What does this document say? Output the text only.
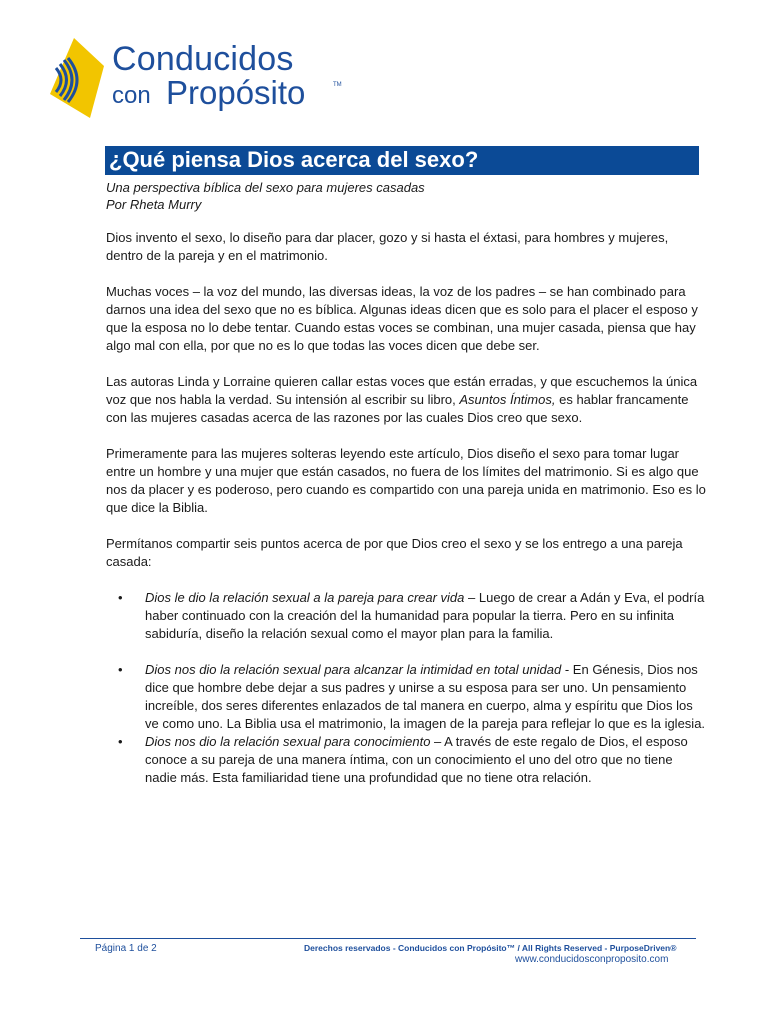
Conducidos
con Propósito	TM
¿Qué piensa Dios acerca del sexo?
Una perspectiva bíblica del sexo para mujeres casadas
Por Rheta Murry

Dios invento el sexo, lo diseño para dar placer, gozo y si hasta el éxtasi, para hombres y mujeres, dentro de la pareja y en el matrimonio.

Muchas voces – la voz del mundo, las diversas ideas, la voz de los padres – se han combinado para darnos una idea del sexo que no es bíblica. Algunas ideas dicen que es solo para el placer el esposo y que la esposa no lo debe tentar. Cuando estas voces se combinan, una mujer casada, piensa que hay algo mal con ella, por que no es lo que todas las voces dicen que debe ser.

Las autoras Linda y Lorraine quieren callar estas voces que están erradas, y que escuchemos la única voz que nos habla la verdad. Su intensión al escribir su libro, Asuntos Íntimos, es hablar francamente con las mujeres casadas acerca de las razones por las cuales Dios creo que sexo.

Primeramente para las mujeres solteras leyendo este artículo, Dios diseño el sexo para tomar lugar entre un hombre y una mujer que están casados, no fuera de los límites del matrimonio. Si es algo que nos da placer y es poderoso, pero cuando es compartido con una pareja unida en matrimonio. Eso es lo que dice la Biblia.

Permítanos compartir seis puntos acerca de por que Dios creo el sexo y se los entrego a una pareja casada:

• Dios le dio la relación sexual a la pareja para crear vida – Luego de crear a Adán y Eva, el podría haber continuado con la creación del la humanidad para popular la tierra. Pero en su infinita sabiduría, diseño la relación sexual como el mayor plan para la familia.
• Dios nos dio la relación sexual para alcanzar la intimidad en total unidad - En Génesis, Dios nos dice que hombre debe dejar a sus padres y unirse a su esposa para ser uno. Un pensamiento increíble, dos seres diferentes enlazados de tal manera en cuerpo, alma y espíritu que Dios los ve como uno. La Biblia usa el matrimonio, la imagen de la pareja para reflejar lo que es la iglesia.
• Dios nos dio la relación sexual para conocimiento – A través de este regalo de Dios, el esposo conoce a su pareja de una manera íntima, con un conocimiento el uno del otro que no tiene nadie más. Esta familiaridad tiene una profundidad que no tiene otra relación.
Página 1 de 2	Derechos reservados - Conducidos con Propósito™ / All Rights Reserved - PurposeDriven®
www.conducidosconproposito.com
